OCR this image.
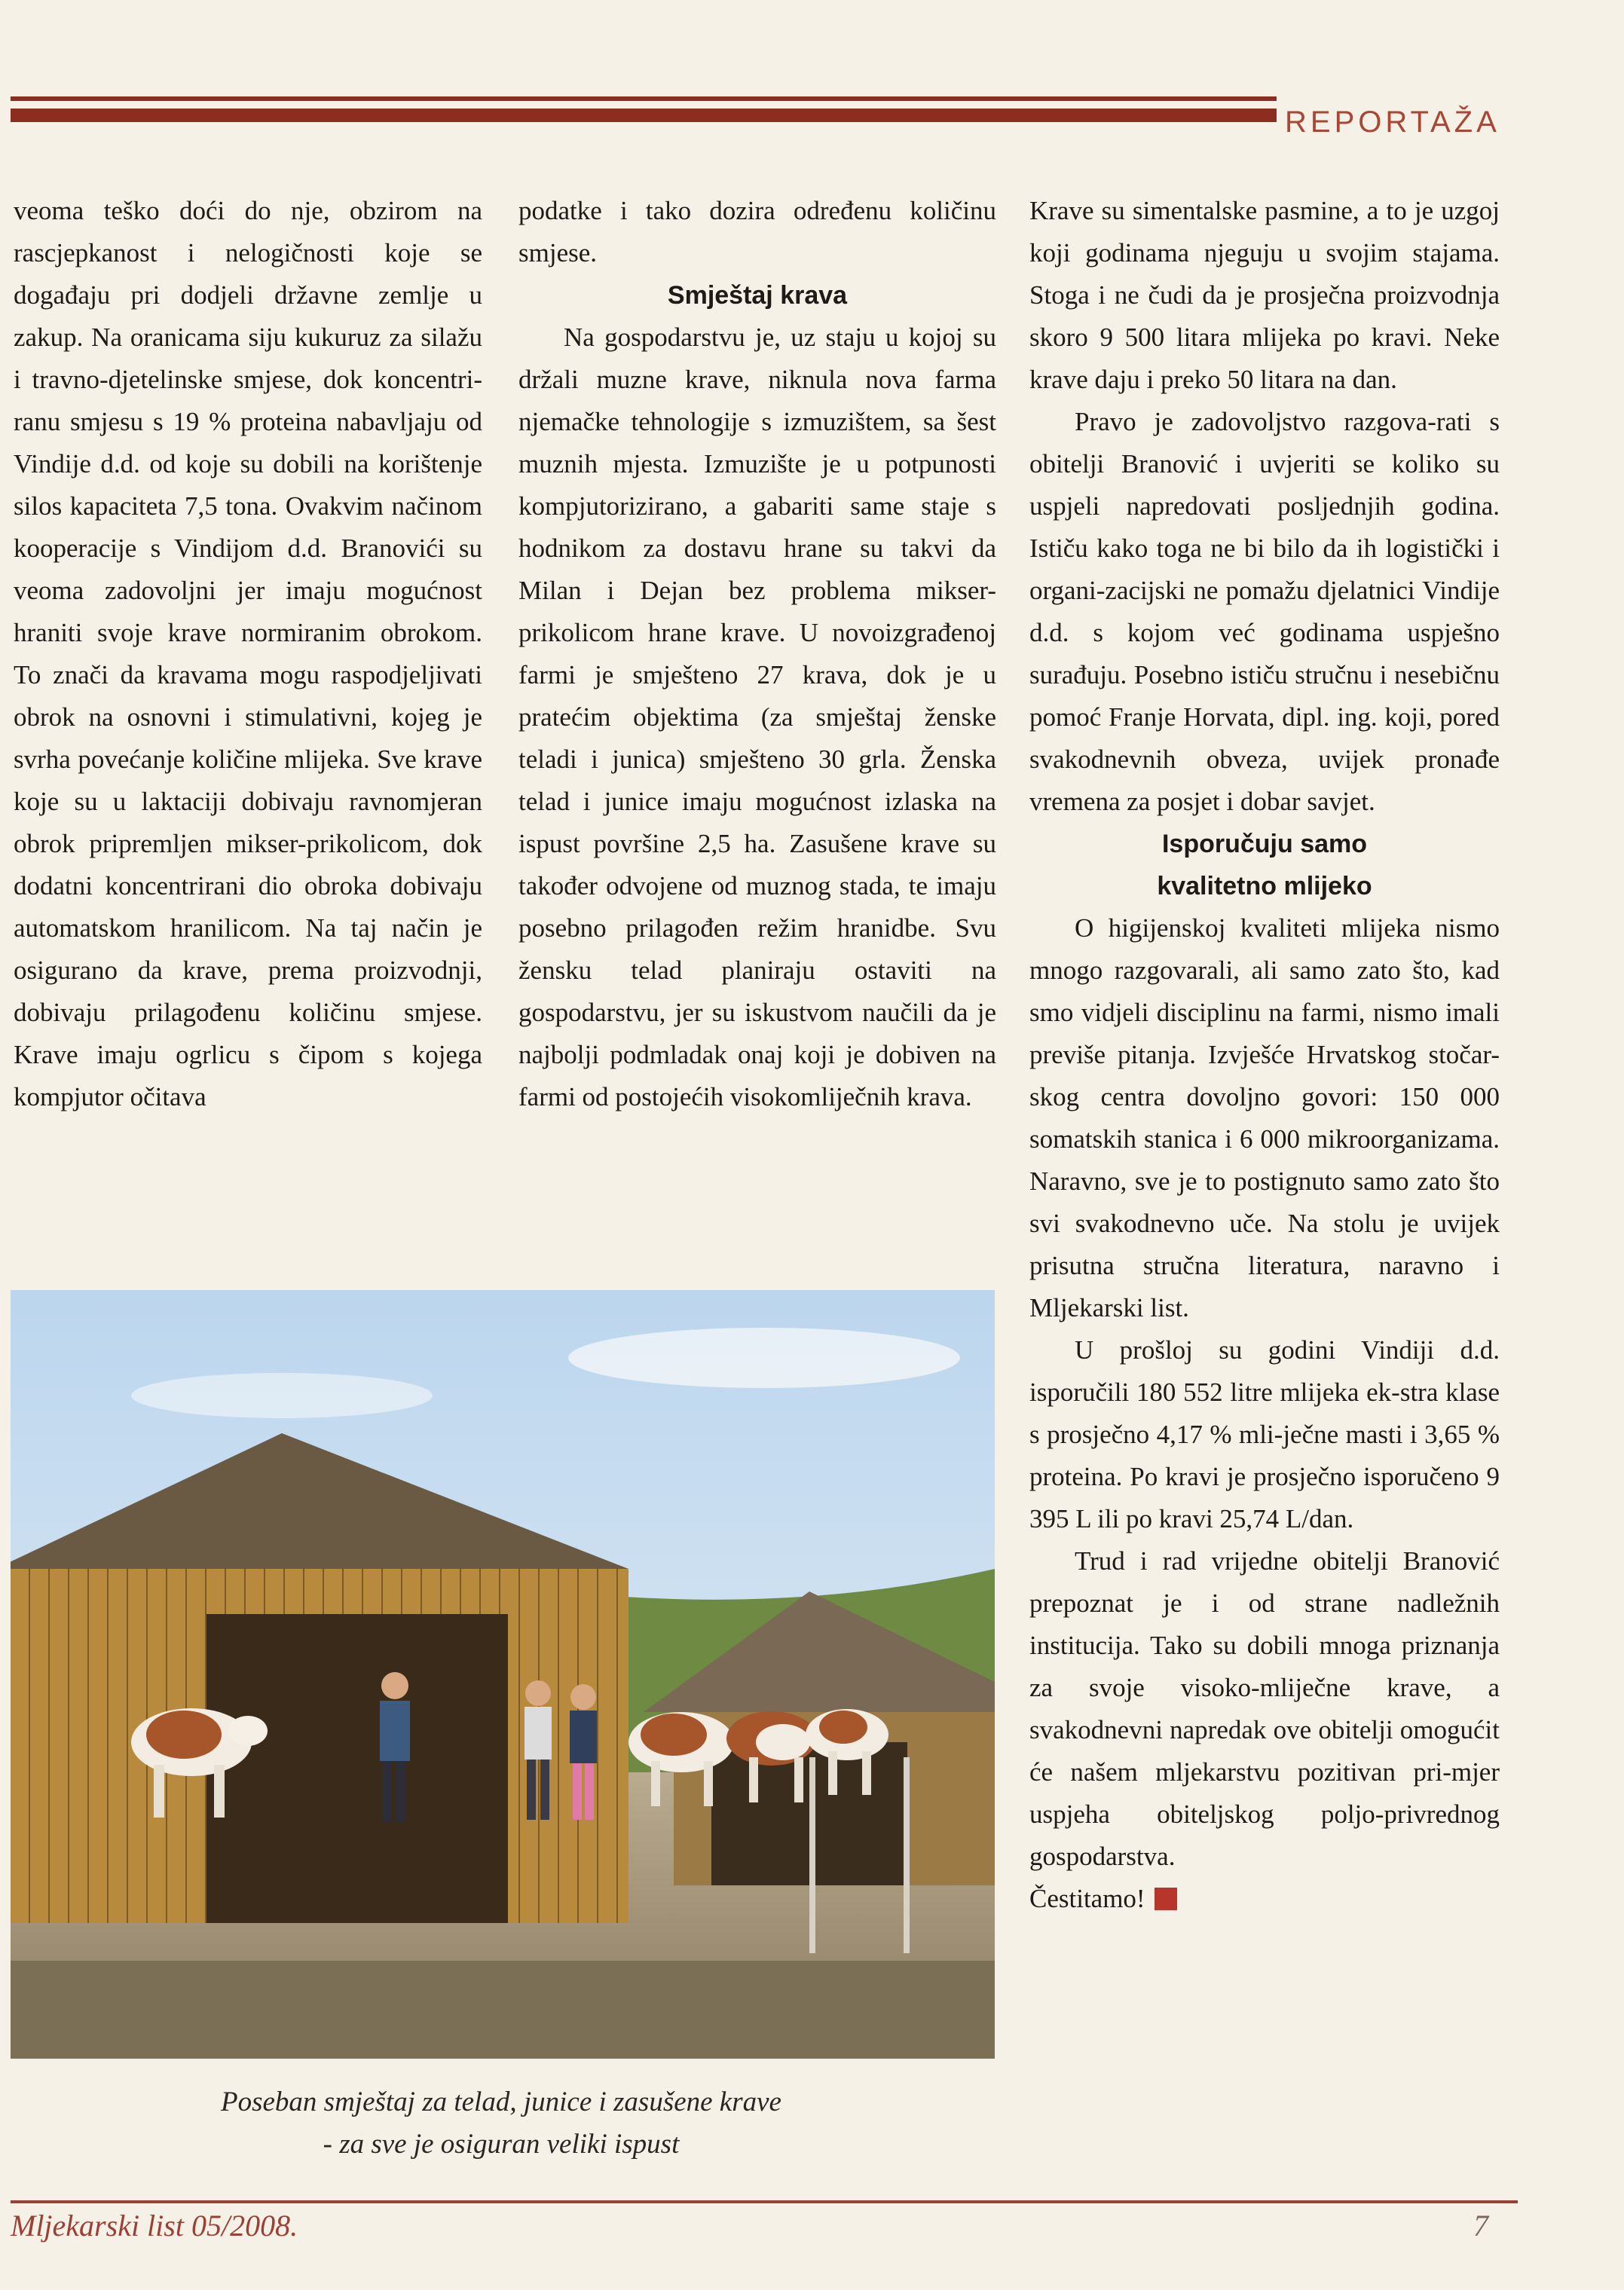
REPORTAŽA

veoma teško doći do nje, obzirom na rascjepkanost i nelogičnosti koje se događaju pri dodjeli državne zemlje u zakup. Na oranicama siju kukuruz za silažu i travno-djetelinske smjese, dok koncentri-ranu smjesu s 19 % proteina nabavljaju od Vindije d.d. od koje su dobili na korištenje silos kapaciteta 7,5 tona. Ovakvim načinom kooperacije s Vindijom d.d. Branovići su veoma zadovoljni jer imaju mogućnost hraniti svoje krave normiranim obrokom. To znači da kravama mogu raspodjeljivati obrok na osnovni i stimulativni, kojeg je svrha povećanje količine mlijeka. Sve krave koje su u laktaciji dobivaju ravnomjeran obrok pripremljen mikser-prikolicom, dok dodatni koncentrirani dio obroka dobivaju automatskom hranilicom. Na taj način je osigurano da krave, prema proizvodnji, dobivaju prilagođenu količinu smjese. Krave imaju ogrlicu s čipom s kojega kompjutor očitava

podatke i tako dozira određenu količinu smjese.

Smještaj krava

Na gospodarstvu je, uz staju u kojoj su držali muzne krave, niknula nova farma njemačke tehnologije s izmuzištem, sa šest muznih mjesta. Izmuzište je u potpunosti kompjutorizirano, a gabariti same staje s hodnikom za dostavu hrane su takvi da Milan i Dejan bez problema mikser-prikolicom hrane krave. U novoizgrađenoj farmi je smješteno 27 krava, dok je u pratećim objektima (za smještaj ženske teladi i junica) smješteno 30 grla. Ženska telad i junice imaju mogućnost izlaska na ispust površine 2,5 ha. Zasušene krave su također odvojene od muznog stada, te imaju posebno prilagođen režim hranidbe. Svu žensku telad planiraju ostaviti na gospodarstvu, jer su iskustvom naučili da je najbolji podmladak onaj koji je dobiven na farmi od postojećih visokomliječnih krava.

Krave su simentalske pasmine, a to je uzgoj koji godinama njeguju u svojim stajama. Stoga i ne čudi da je prosječna proizvodnja skoro 9 500 litara mlijeka po kravi. Neke krave daju i preko 50 litara na dan.

Pravo je zadovoljstvo razgova-rati s obitelji Branović i uvjeriti se koliko su uspjeli napredovati posljednjih godina. Ističu kako toga ne bi bilo da ih logistički i organi-zacijski ne pomažu djelatnici Vindije d.d. s kojom već godinama uspješno surađuju. Posebno ističu stručnu i nesebičnu pomoć Franje Horvata, dipl. ing. koji, pored svakodnevnih obveza, uvijek pronađe vremena za posjet i dobar savjet.

Isporučuju samo

kvalitetno mlijeko

O higijenskoj kvaliteti mlijeka nismo mnogo razgovarali, ali samo zato što, kad smo vidjeli disciplinu na farmi, nismo imali previše pitanja. Izvješće Hrvatskog stočar-skog centra dovoljno govori: 150 000 somatskih stanica i 6 000 mikroorganizama. Naravno, sve je to postignuto samo zato što svi svakodnevno uče. Na stolu je uvijek prisutna stručna literatura, naravno i Mljekarski list.

U prošloj su godini Vindiji d.d. isporučili 180 552 litre mlijeka ek-stra klase s prosječno 4,17 % mli-ječne masti i 3,65 % proteina. Po kravi je prosječno isporučeno 9 395 L ili po kravi 25,74 L/dan.

Trud i rad vrijedne obitelji Branović prepoznat je i od strane nadležnih institucija. Tako su dobili mnoga priznanja za svoje visoko-mliječne krave, a svakodnevni napredak ove obitelji omogućit će našem mljekarstvu pozitivan pri-mjer uspjeha obiteljskog poljo-privrednog gospodarstva.

Čestitamo!

Poseban smještaj za telad, junice i zasušene krave
- za sve je osiguran veliki ispust
Mljekarski list 05/2008.	7
